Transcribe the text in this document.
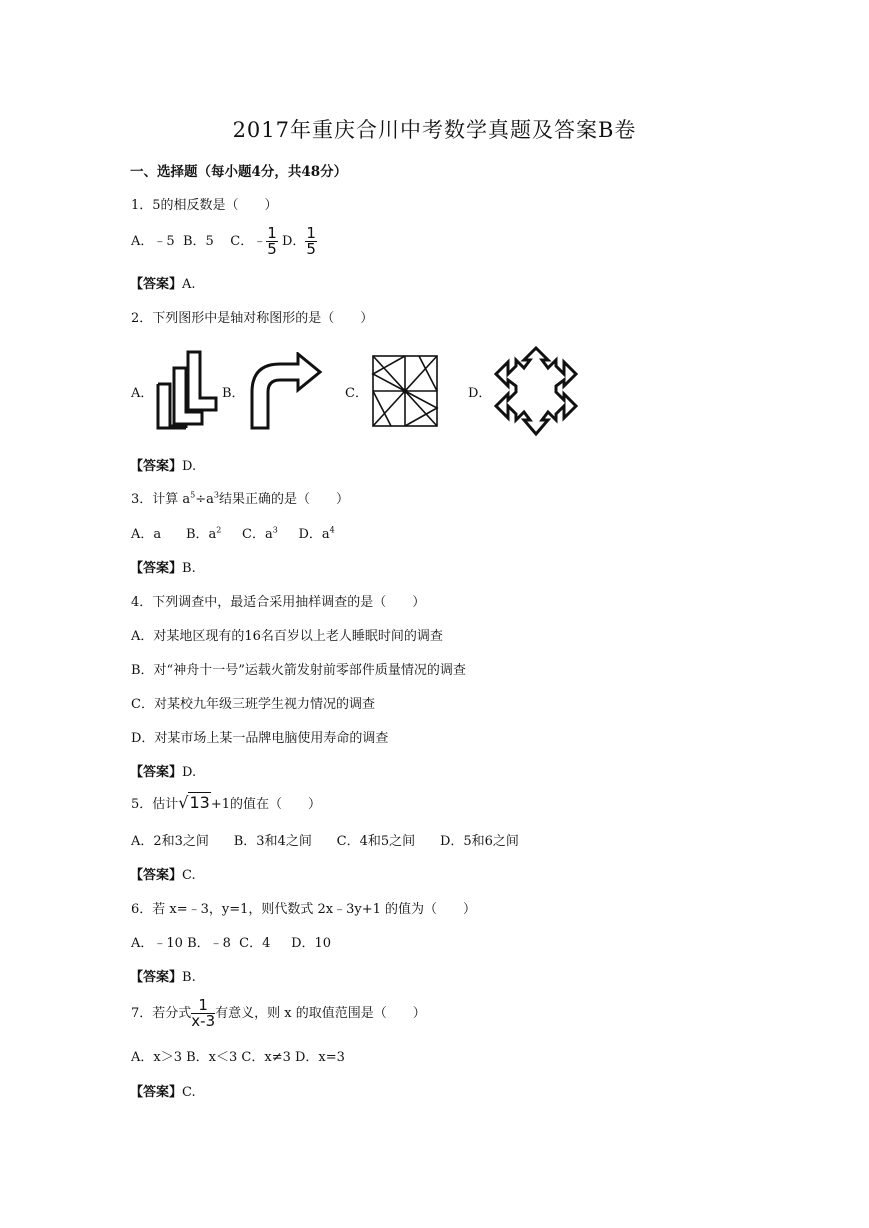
2017年重庆合川中考数学真题及答案B卷
一、选择题（每小题4分，共48分）
1．5的相反数是（　　）
A．﹣5 B．5 C．﹣ $\frac{1}{5}$ D． $\frac{1}{5}$
【答案】A.
2．下列图形中是轴对称图形的是（　　）
A．	B．	C．	D．
【答案】D.
3．计算 $a^5\div a^3$结果正确的是（　　）
A．a B．$a^2$ C．$a^3$ D．$a^4$
【答案】B.
4．下列调查中，最适合采用抽样调查的是（　　）
A．对某地区现有的16名百岁以上老人睡眠时间的调查
B．对“神舟十一号”运载火箭发射前零部件质量情况的调查
C．对某校九年级三班学生视力情况的调查
D．对某市场上某一品牌电脑使用寿命的调查
【答案】D.
5．估计√13+1的值在（　　）
A．2和3之间 B．3和4之间 C．4和5之间 D．5和6之间
【答案】C.
6．若 x=﹣3，y=1，则代数式 2x﹣3y+1 的值为（　　）
A．﹣10 B．﹣8 C．4 D．10
【答案】B.
7．若分式 $\frac{1}{x-3}$ 有意义，则 x 的取值范围是（　　）
A．x＞3 B．x＜3 C．x≠3 D．x=3
【答案】C.
